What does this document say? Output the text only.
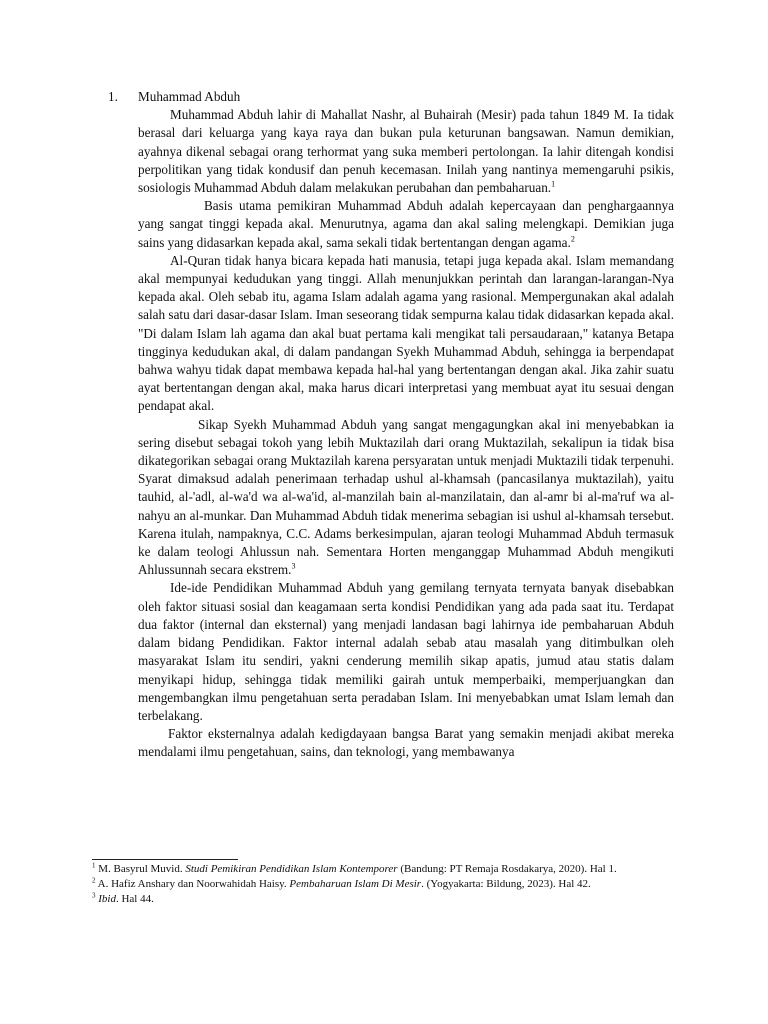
1. Muhammad Abduh

Muhammad Abduh lahir di Mahallat Nashr, al Buhairah (Mesir) pada tahun 1849 M. Ia tidak berasal dari keluarga yang kaya raya dan bukan pula keturunan bangsawan. Namun demikian, ayahnya dikenal sebagai orang terhormat yang suka memberi pertolongan. Ia lahir ditengah kondisi perpolitikan yang tidak kondusif dan penuh kecemasan. Inilah yang nantinya memengaruhi psikis, sosiologis Muhammad Abduh dalam melakukan perubahan dan pembaharuan.$^1$

Basis utama pemikiran Muhammad Abduh adalah kepercayaan dan penghargaannya yang sangat tinggi kepada akal. Menurutnya, agama dan akal saling melengkapi. Demikian juga sains yang didasarkan kepada akal, sama sekali tidak bertentangan dengan agama.$^2$

Al-Quran tidak hanya bicara kepada hati manusia, tetapi juga kepada akal. Islam memandang akal mempunyai kedudukan yang tinggi. Allah menunjukkan perintah dan larangan-larangan-Nya kepada akal. Oleh sebab itu, agama Islam adalah agama yang rasional. Mempergunakan akal adalah salah satu dari dasar-dasar Islam. Iman seseorang tidak sempurna kalau tidak didasarkan kepada akal. "Di dalam Islam lah agama dan akal buat pertama kali mengikat tali persaudaraan," katanya Betapa tingginya kedudukan akal, di dalam pandangan Syekh Muhammad Abduh, sehingga ia berpendapat bahwa wahyu tidak dapat membawa kepada hal-hal yang bertentangan dengan akal. Jika zahir suatu ayat bertentangan dengan akal, maka harus dicari interpretasi yang membuat ayat itu sesuai dengan pendapat akal.

Sikap Syekh Muhammad Abduh yang sangat mengagungkan akal ini menyebabkan ia sering disebut sebagai tokoh yang lebih Muktazilah dari orang Muktazilah, sekalipun ia tidak bisa dikategorikan sebagai orang Muktazilah karena persyaratan untuk menjadi Muktazili tidak terpenuhi. Syarat dimaksud adalah penerimaan terhadap ushul al-khamsah (pancasilanya muktazilah), yaitu tauhid, al-'adl, al-wa'd wa al-wa'id, al-manzilah bain al-manzilatain, dan al-amr bi al-ma'ruf wa al-nahyu an al-munkar. Dan Muhammad Abduh tidak menerima sebagian isi ushul al-khamsah tersebut. Karena itulah, nampaknya, C.C. Adams berkesimpulan, ajaran teologi Muhammad Abduh termasuk ke dalam teologi Ahlussun nah. Sementara Horten menganggap Muhammad Abduh mengikuti Ahlussunnah secara ekstrem.$^3$

Ide-ide Pendidikan Muhammad Abduh yang gemilang ternyata ternyata banyak disebabkan oleh faktor situasi sosial dan keagamaan serta kondisi Pendidikan yang ada pada saat itu. Terdapat dua faktor (internal dan eksternal) yang menjadi landasan bagi lahirnya ide pembaharuan Abduh dalam bidang Pendidikan. Faktor internal adalah sebab atau masalah yang ditimbulkan oleh masyarakat Islam itu sendiri, yakni cenderung memilih sikap apatis, jumud atau statis dalam menyikapi hidup, sehingga tidak memiliki gairah untuk memperbaiki, memperjuangkan dan mengembangkan ilmu pengetahuan serta peradaban Islam. Ini menyebabkan umat Islam lemah dan terbelakang.

Faktor eksternalnya adalah kedigdayaan bangsa Barat yang semakin menjadi akibat mereka mendalami ilmu pengetahuan, sains, dan teknologi, yang membawanya

$^1$ M. Basyrul Muvid. Studi Pemikiran Pendidikan Islam Kontemporer (Bandung: PT Remaja Rosdakarya, 2020). Hal 1.

$^2$ A. Hafiz Anshary dan Noorwahidah Haisy. Pembaharuan Islam Di Mesir. (Yogyakarta: Bildung, 2023). Hal 42.

$^3$ Ibid. Hal 44.
